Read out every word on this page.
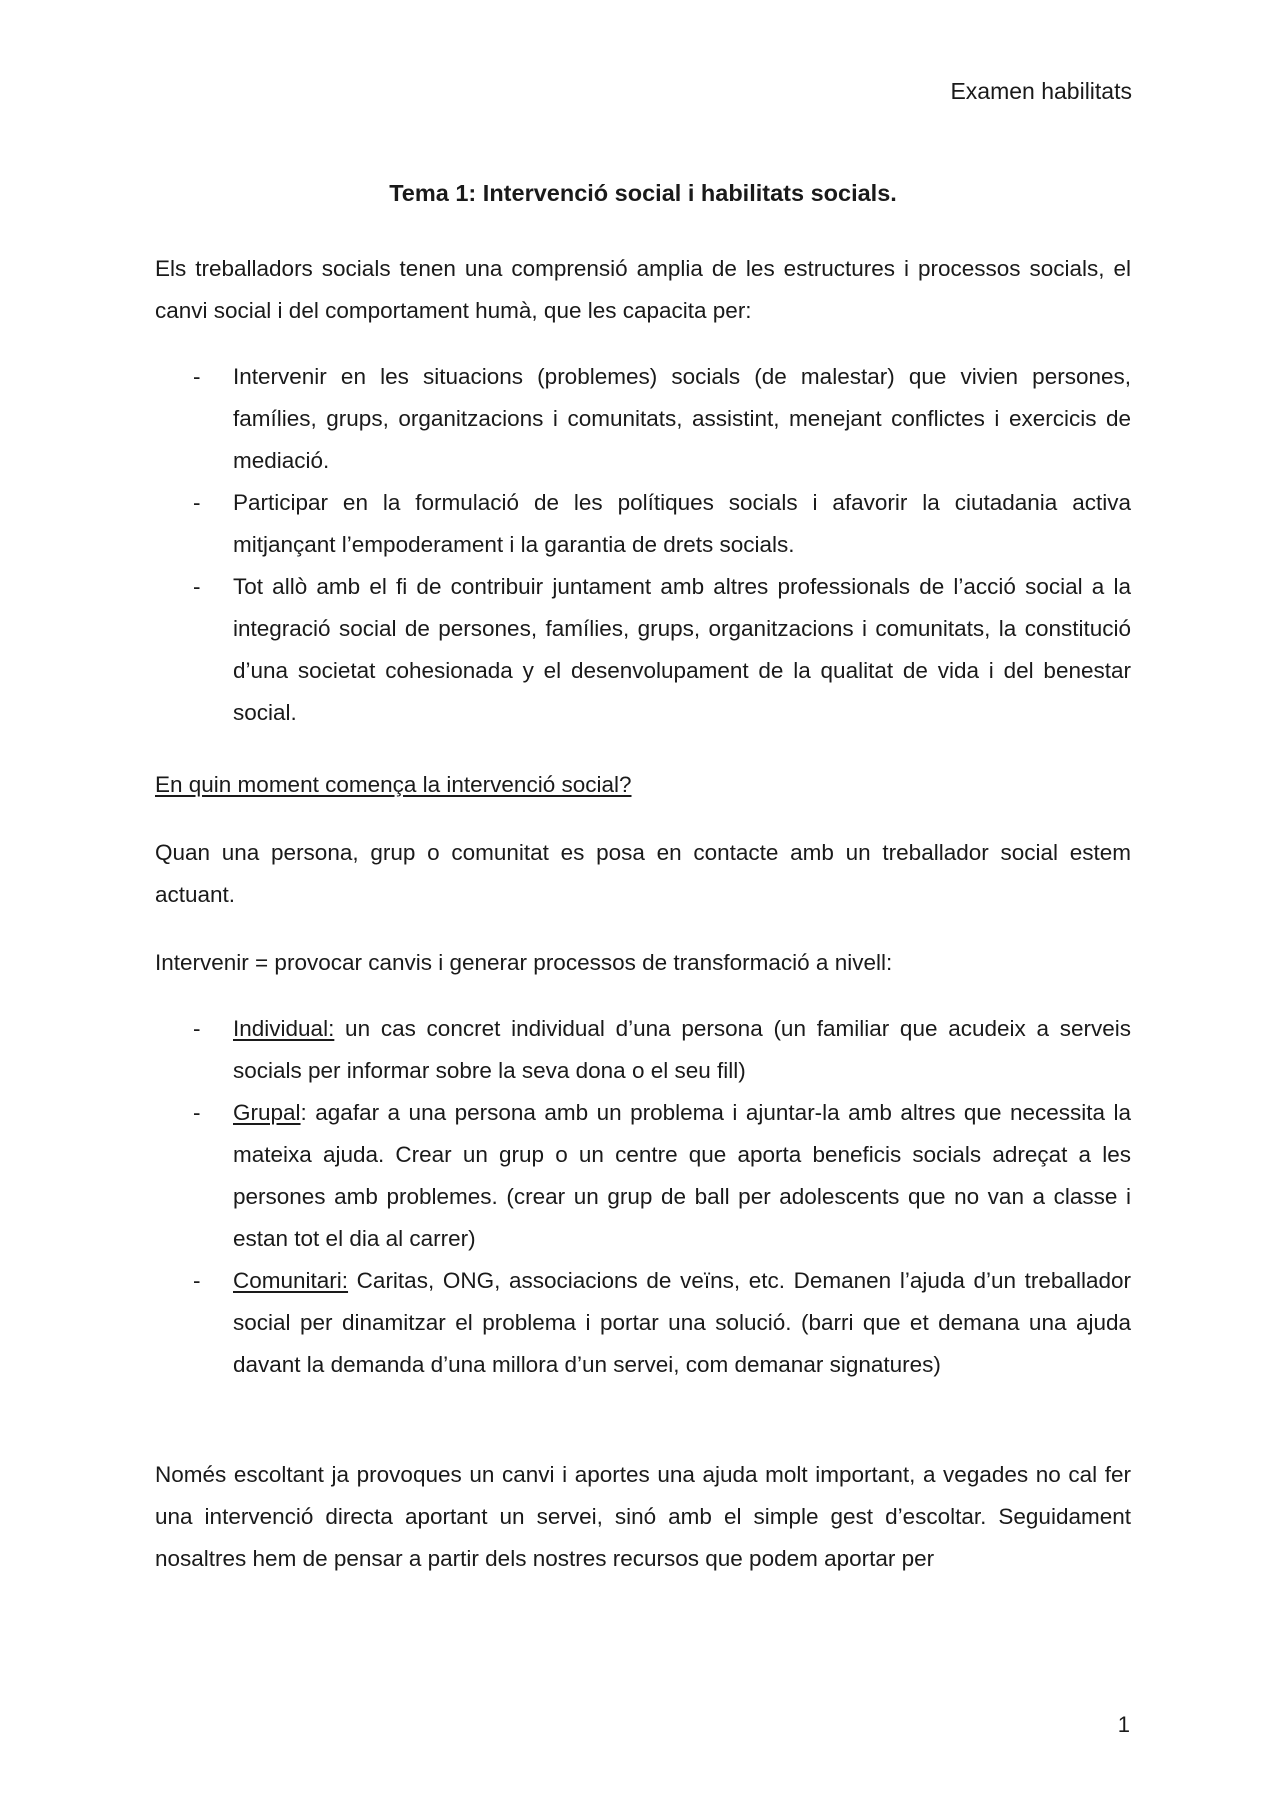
Examen habilitats
Tema 1: Intervenció social i habilitats socials.

Els treballadors socials tenen una comprensió amplia de les estructures i processos socials, el canvi social i del comportament humà, que les capacita per:

- Intervenir en les situacions (problemes) socials (de malestar) que vivien persones, famílies, grups, organitzacions i comunitats, assistint, menejant conflictes i exercicis de mediació.
- Participar en la formulació de les polítiques socials i afavorir la ciutadania activa mitjançant l’empoderament i la garantia de drets socials.
- Tot allò amb el fi de contribuir juntament amb altres professionals de l’acció social a la integració social de persones, famílies, grups, organitzacions i comunitats, la constitució d’una societat cohesionada y el desenvolupament de la qualitat de vida i del benestar social.

En quin moment comença la intervenció social?

Quan una persona, grup o comunitat es posa en contacte amb un treballador social estem actuant.

Intervenir = provocar canvis i generar processos de transformació a nivell:

- Individual: un cas concret individual d’una persona (un familiar que acudeix a serveis socials per informar sobre la seva dona o el seu fill)
- Grupal: agafar a una persona amb un problema i ajuntar-la amb altres que necessita la mateixa ajuda. Crear un grup o un centre que aporta beneficis socials adreçat a les persones amb problemes. (crear un grup de ball per adolescents que no van a classe i estan tot el dia al carrer)
- Comunitari: Caritas, ONG, associacions de veïns, etc. Demanen l’ajuda d’un treballador social per dinamitzar el problema i portar una solució. (barri que et demana una ajuda davant la demanda d’una millora d’un servei, com demanar signatures)

Només escoltant ja provoques un canvi i aportes una ajuda molt important, a vegades no cal fer una intervenció directa aportant un servei, sinó amb el simple gest d’escoltar. Seguidament nosaltres hem de pensar a partir dels nostres recursos que podem aportar per

1
